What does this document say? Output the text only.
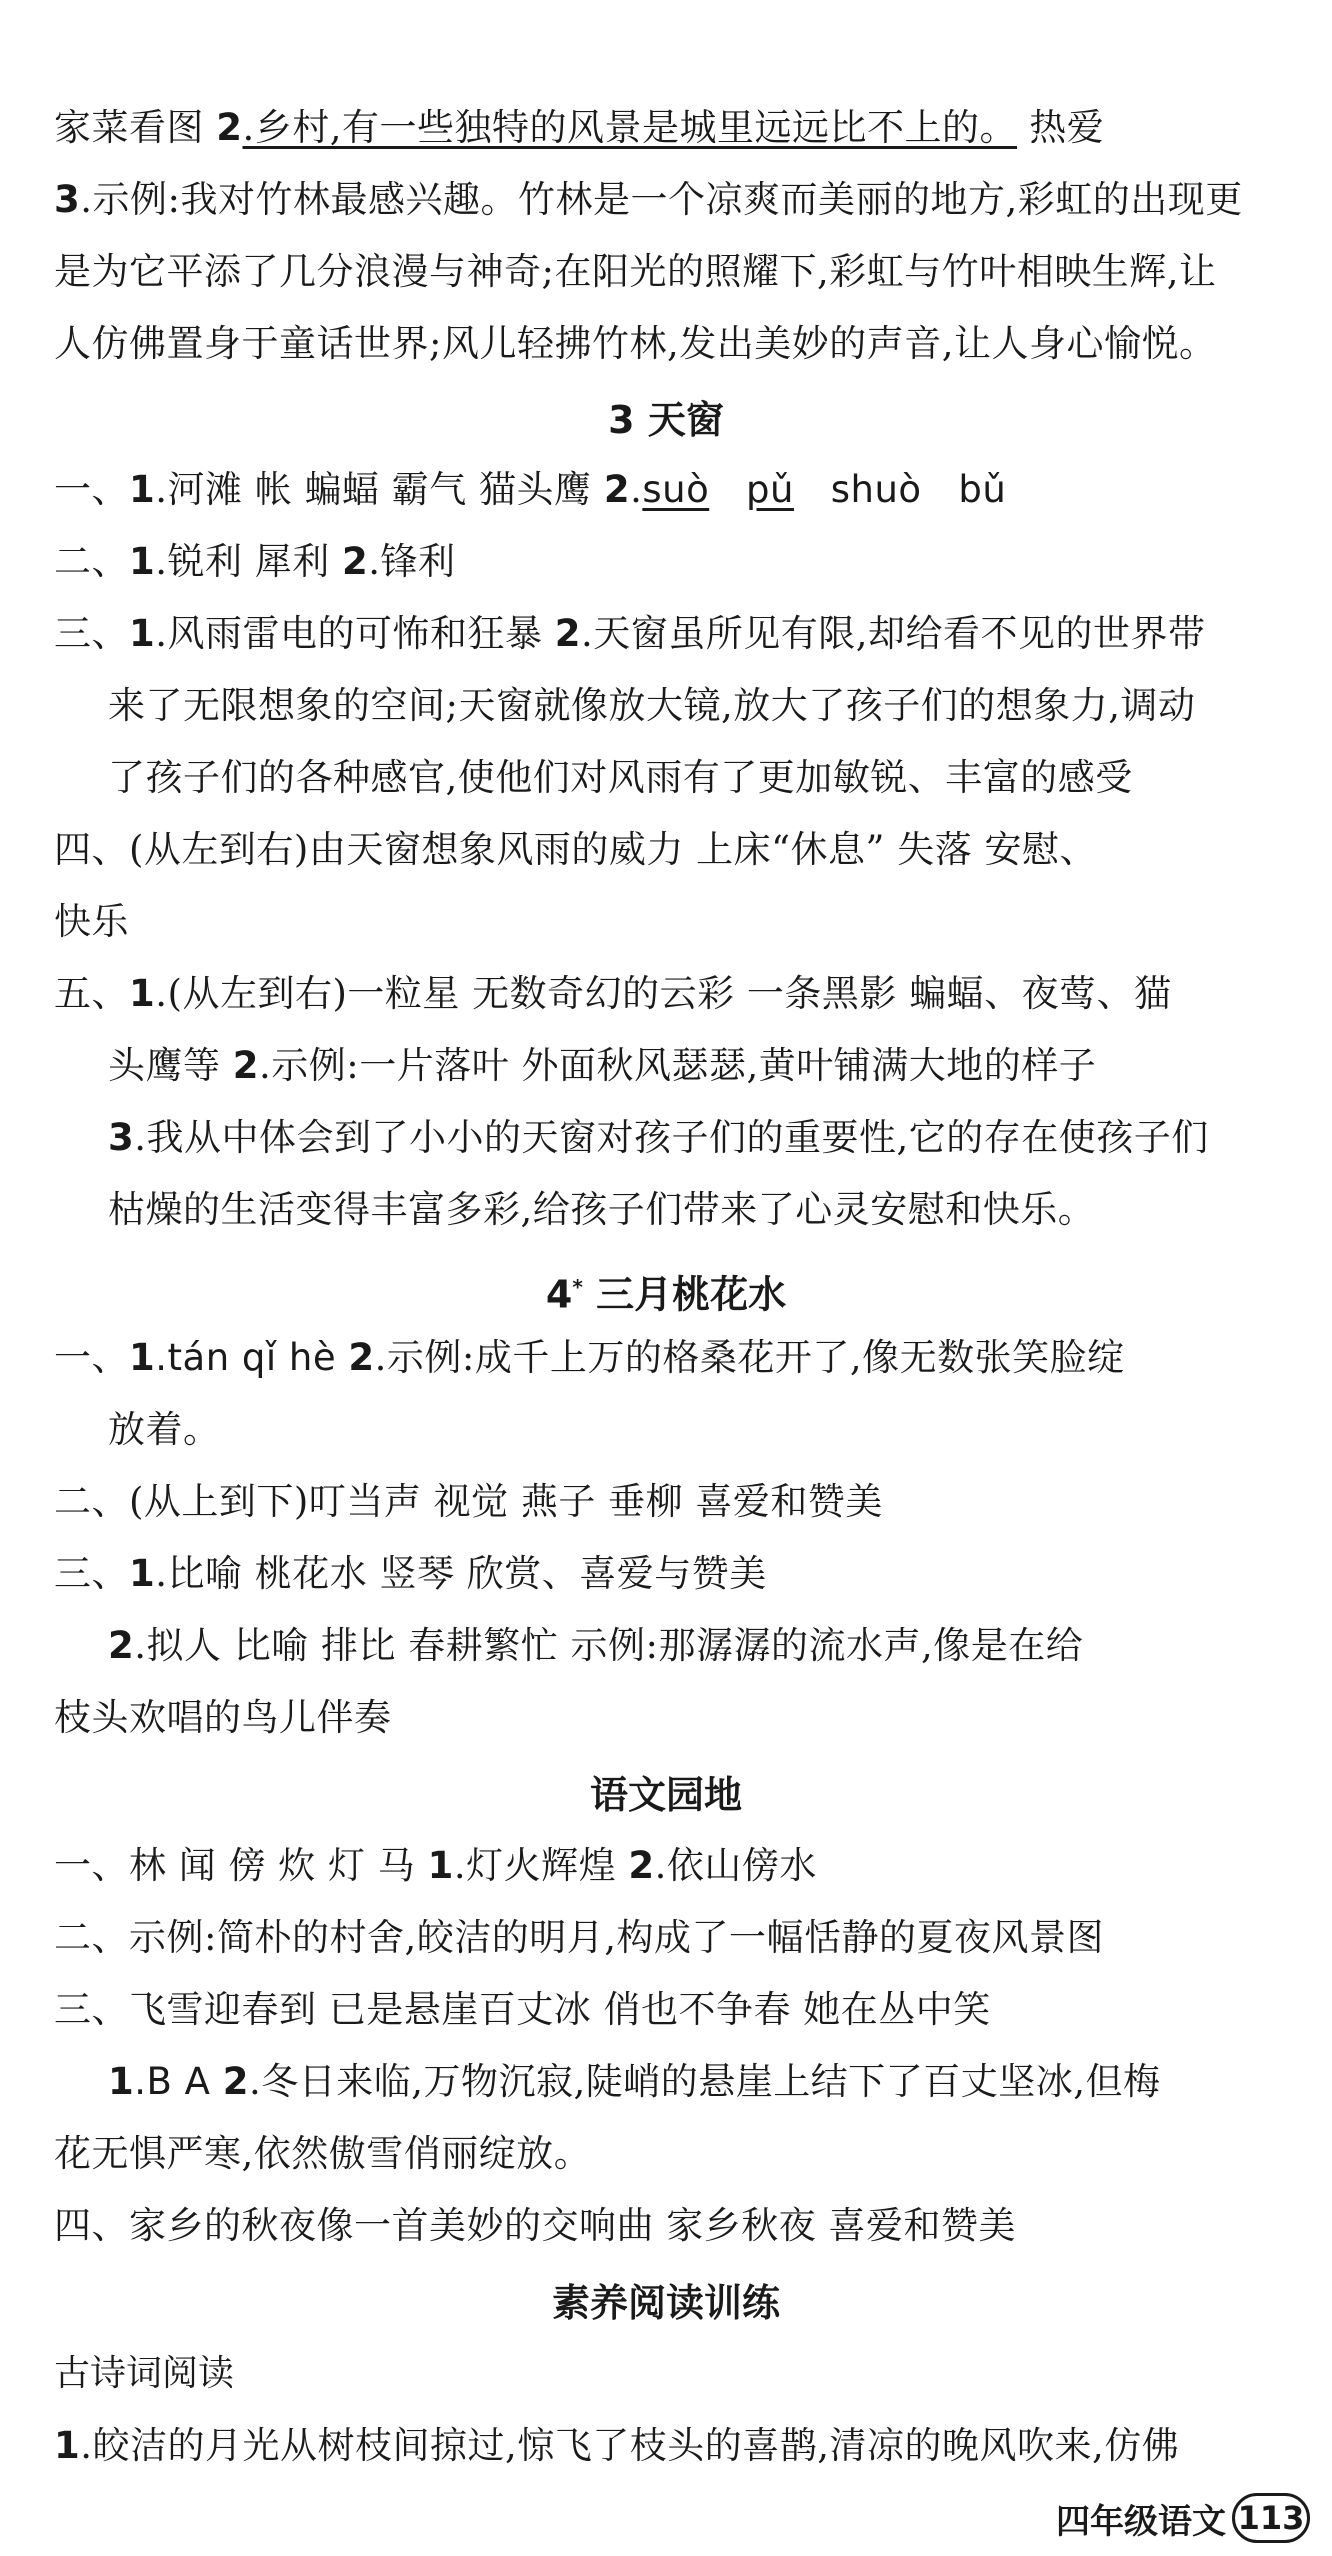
家菜看图 2.乡村,有一些独特的风景是城里远远比不上的。 热爱
3.示例:我对竹林最感兴趣。竹林是一个凉爽而美丽的地方,彩虹的出现更
是为它平添了几分浪漫与神奇;在阳光的照耀下,彩虹与竹叶相映生辉,让
人仿佛置身于童话世界;风儿轻拂竹林,发出美妙的声音,让人身心愉悦。
3 天窗
一、1.河滩 帐 蝙蝠 霸气 猫头鹰 2.suò pǔ shuò bǔ
二、1.锐利 犀利 2.锋利
三、1.风雨雷电的可怖和狂暴 2.天窗虽所见有限,却给看不见的世界带
来了无限想象的空间;天窗就像放大镜,放大了孩子们的想象力,调动
了孩子们的各种感官,使他们对风雨有了更加敏锐、丰富的感受
四、(从左到右)由天窗想象风雨的威力 上床“休息” 失落 安慰、
快乐
五、1.(从左到右)一粒星 无数奇幻的云彩 一条黑影 蝙蝠、夜莺、猫
头鹰等 2.示例:一片落叶 外面秋风瑟瑟,黄叶铺满大地的样子
3.我从中体会到了小小的天窗对孩子们的重要性,它的存在使孩子们
枯燥的生活变得丰富多彩,给孩子们带来了心灵安慰和快乐。
4* 三月桃花水
一、1.tán qǐ hè 2.示例:成千上万的格桑花开了,像无数张笑脸绽
放着。
二、(从上到下)叮当声 视觉 燕子 垂柳 喜爱和赞美
三、1.比喻 桃花水 竖琴 欣赏、喜爱与赞美
2.拟人 比喻 排比 春耕繁忙 示例:那潺潺的流水声,像是在给
枝头欢唱的鸟儿伴奏
语文园地
一、林 闻 傍 炊 灯 马 1.灯火辉煌 2.依山傍水
二、示例:简朴的村舍,皎洁的明月,构成了一幅恬静的夏夜风景图
三、飞雪迎春到 已是悬崖百丈冰 俏也不争春 她在丛中笑
1.B A 2.冬日来临,万物沉寂,陡峭的悬崖上结下了百丈坚冰,但梅
花无惧严寒,依然傲雪俏丽绽放。
四、家乡的秋夜像一首美妙的交响曲 家乡秋夜 喜爱和赞美
素养阅读训练
古诗词阅读
1.皎洁的月光从树枝间掠过,惊飞了枝头的喜鹊,清凉的晚风吹来,仿佛
四年级语文 113
